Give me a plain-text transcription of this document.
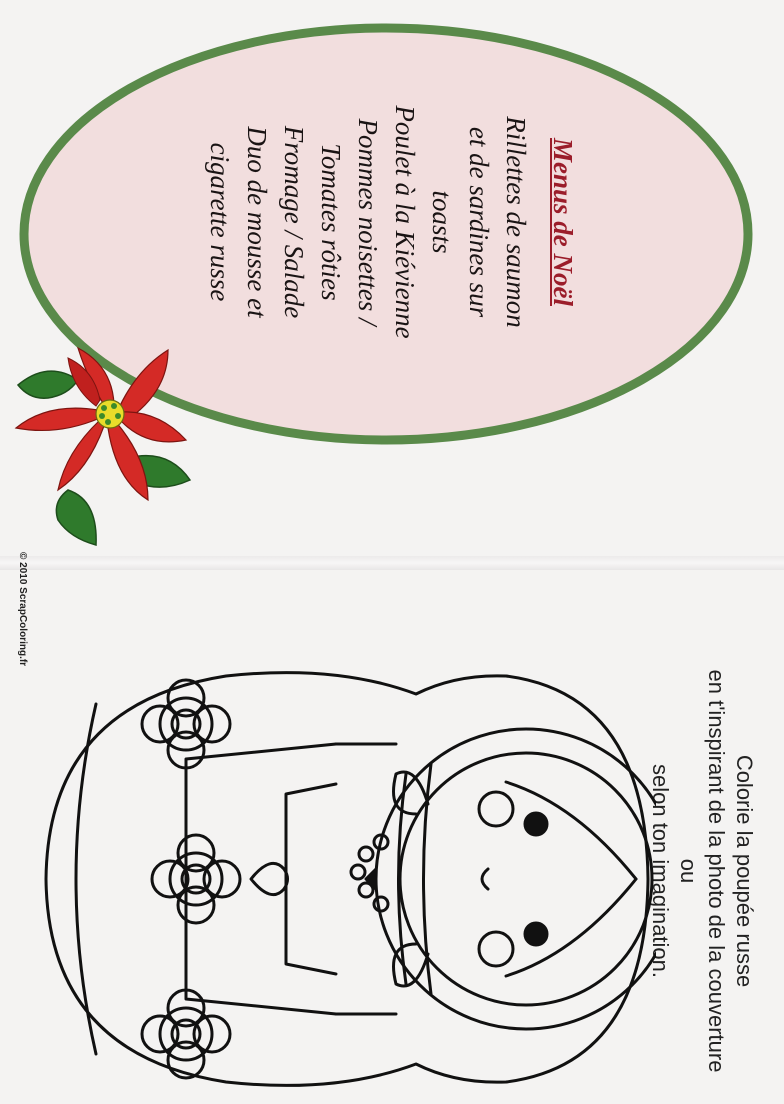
Menus de Noël
Rillettes de saumon
et de sardines sur
toasts
Poulet à la Kiévienne
Pommes noisettes /
Tomates rôties
Fromage / Salade
Duo de mousse et
cigarette russe
Colorie la poupée russe
en t'inspirant de la photo de la couverture ou
selon ton imagination.
© 2010 ScrapColoring.fr
